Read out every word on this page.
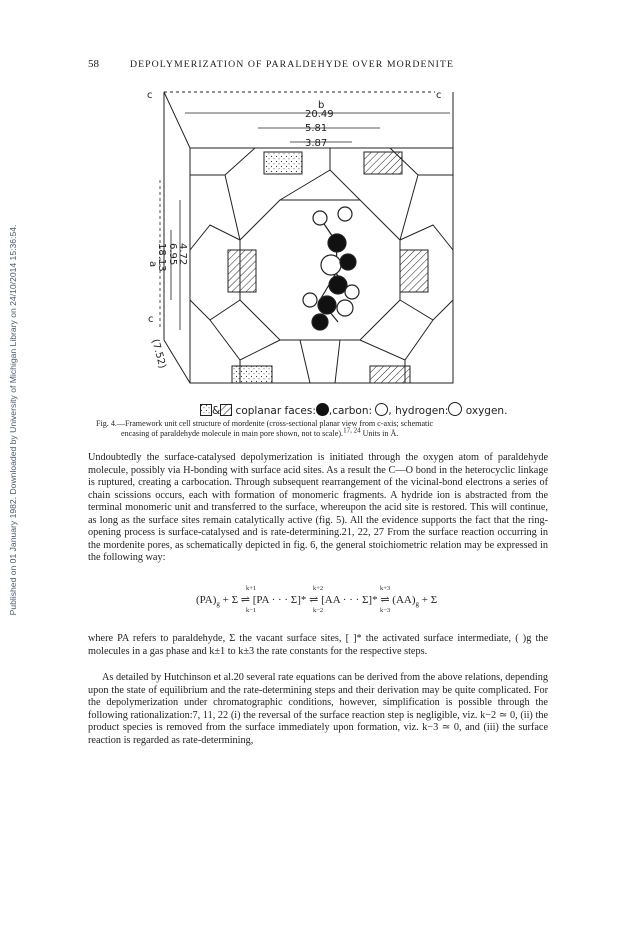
Published on 01 January 1982. Downloaded by University of Michigan Library on 24/10/2014 15:36:54.
58	DEPOLYMERIZATION OF PARALDEHYDE OVER MORDENITE
c	c
b
20.49
5.81
3.87
a 4.72
6.95
18.13
c
(7.52)
& coplanar faces: ,carbon: , hydrogen: oxygen.
Fig. 4.—Framework unit cell structure of mordenite (cross-sectional planar view from c-axis; schematic
encasing of paraldehyde molecule in main pore shown, not to scale).$^{17, 24}$ Units in Å.

Undoubtedly the surface-catalysed depolymerization is initiated through the oxygen atom of paraldehyde molecule, possibly via H-bonding with surface acid sites. As a result the C—O bond in the heterocyclic linkage is ruptured, creating a carbocation. Through subsequent rearrangement of the vicinal-bond electrons a series of chain scissions occurs, each with formation of monomeric fragments. A hydride ion is abstracted from the terminal monomeric unit and transferred to the surface, whereupon the acid site is restored. This will continue, as long as the surface sites remain catalytically active (fig. 5). All the evidence supports the fact that the ring-opening process is surface-catalysed and is rate-determining.21, 22, 27 From the surface reaction occurring in the mordenite pores, as schematically depicted in fig. 6, the general stoichiometric relation may be expressed in the following way:

$(PA)_g + \Sigma$ ⇌ [PA · · · Σ]* ⇌ [AA · · · Σ]* ⇌ $(AA)_g + \Sigma$
k+1
k−1
k+2
k−2
k+3
k−3

where PA refers to paraldehyde, Σ the vacant surface sites, [ ]* the activated surface intermediate, ( )g the molecules in a gas phase and k±1 to k±3 the rate constants for the respective steps.

As detailed by Hutchinson et al.20 several rate equations can be derived from the above relations, depending upon the state of equilibrium and the rate-determining steps and their derivation may be quite complicated. For the depolymerization under chromatographic conditions, however, simplification is possible through the following rationalization:7, 11, 22 (i) the reversal of the surface reaction step is negligible, viz. k−2 ≃ 0, (ii) the product species is removed from the surface immediately upon formation, viz. k−3 ≃ 0, and (iii) the surface reaction is regarded as rate-determining,
